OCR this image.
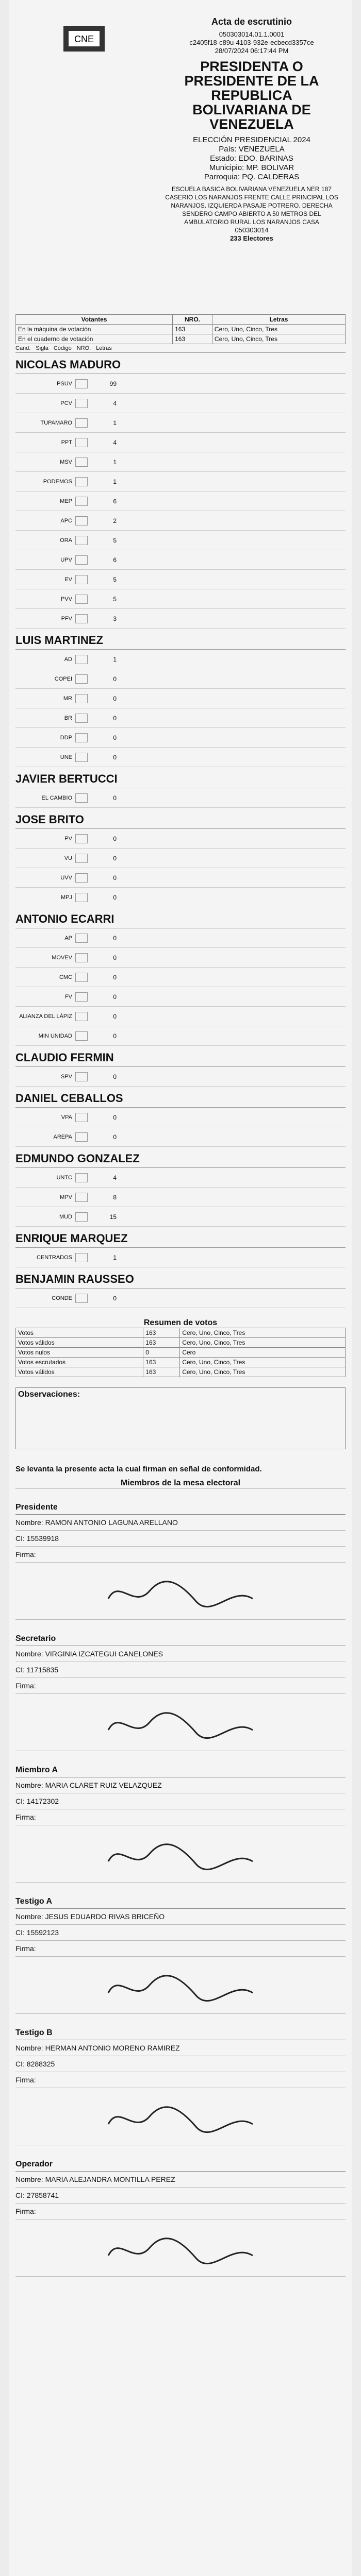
CNE
Acta de escrutinio
050303014.01.1.0001
c2405f18-c89u-4103-932e-ecbecd3357ce
28/07/2024 06:17:44 PM
PRESIDENTA O PRESIDENTE DE LA REPUBLICA BOLIVARIANA DE VENEZUELA
ELECCIÓN PRESIDENCIAL 2024
País: VENEZUELA
Estado: EDO. BARINAS
Municipio: MP. BOLIVAR
Parroquia: PQ. CALDERAS
ESCUELA BASICA BOLIVARIANA VENEZUELA NER 187 CASERIO LOS NARANJOS FRENTE CALLE PRINCIPAL LOS NARANJOS. IZQUIERDA PASAJE POTRERO. DERECHA SENDERO CAMPO ABIERTO A 50 METROS DEL AMBULATORIO RURAL LOS NARANJOS CASA
050303014
233 Electores
Votantes	NRO.	Letras
En la máquina de votación	163	Cero, Uno, Cinco, Tres
En el cuaderno de votación	163	Cero, Uno, Cinco, Tres
Cand. Sigla Código NRO. Letras
NICOLAS MADURO
PSUV	99
PCV	4
TUPAMARO	1
PPT	4
MSV	1
PODEMOS	1
MEP	6
APC	2
ORA	5
UPV	6
EV	5
PVV	5
PFV	3
LUIS MARTINEZ
AD	1
COPEI	0
MR	0
BR	0
DDP	0
UNE	0
JAVIER BERTUCCI
EL CAMBIO	0
JOSE BRITO
PV	0
VU	0
UVV	0
MPJ	0
ANTONIO ECARRI
AP	0
MOVEV	0
CMC	0
FV	0
ALIANZA DEL LÁPIZ	0
MIN UNIDAD	0
CLAUDIO FERMIN
SPV	0
DANIEL CEBALLOS
VPA	0
AREPA	0
EDMUNDO GONZALEZ
UNTC	4
MPV	8
MUD	15
ENRIQUE MARQUEZ
CENTRADOS	1
BENJAMIN RAUSSEO
CONDE	0
Resumen de votos
Votos	163	Cero, Uno, Cinco, Tres
Votos válidos	163	Cero, Uno, Cinco, Tres
Votos nulos	0	Cero
Votos escrutados	163	Cero, Uno, Cinco, Tres
Votos válidos	163	Cero, Uno, Cinco, Tres
Observaciones:
Se levanta la presente acta la cual firman en señal de conformidad.
Miembros de la mesa electoral
Presidente
Nombre: RAMON ANTONIO LAGUNA ARELLANO
CI: 15539918
Firma:
Secretario
Nombre: VIRGINIA IZCATEGUI CANELONES
CI: 11715835
Firma:
Miembro A
Nombre: MARIA CLARET RUIZ VELAZQUEZ
CI: 14172302
Firma:
Testigo A
Nombre: JESUS EDUARDO RIVAS BRICEÑO
CI: 15592123
Firma:
Testigo B
Nombre: HERMAN ANTONIO MORENO RAMIREZ
CI: 8288325
Firma:
Operador
Nombre: MARIA ALEJANDRA MONTILLA PEREZ
CI: 27858741
Firma:
